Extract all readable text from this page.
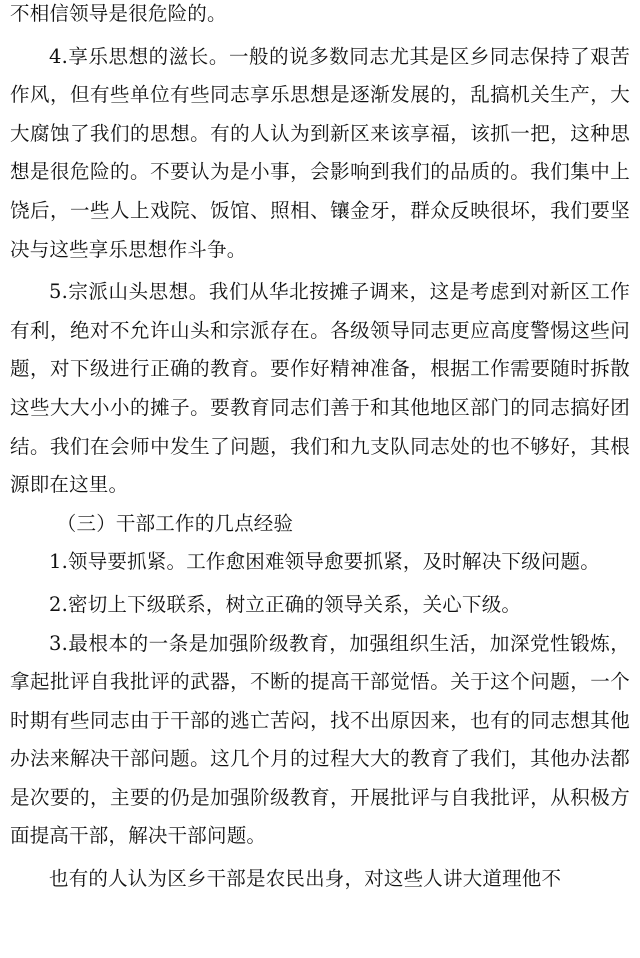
不相信领导是很危险的。

4.享乐思想的滋长。一般的说多数同志尤其是区乡同志保持了艰苦作风，但有些单位有些同志享乐思想是逐渐发展的，乱搞机关生产，大大腐蚀了我们的思想。有的人认为到新区来该享福，该抓一把，这种思想是很危险的。不要认为是小事，会影响到我们的品质的。我们集中上饶后，一些人上戏院、饭馆、照相、镶金牙，群众反映很坏，我们要坚决与这些享乐思想作斗争。

5.宗派山头思想。我们从华北按摊子调来，这是考虑到对新区工作有利，绝对不允许山头和宗派存在。各级领导同志更应高度警惕这些问题，对下级进行正确的教育。要作好精神准备，根据工作需要随时拆散这些大大小小的摊子。要教育同志们善于和其他地区部门的同志搞好团结。我们在会师中发生了问题，我们和九支队同志处的也不够好，其根源即在这里。

（三）干部工作的几点经验

1.领导要抓紧。工作愈困难领导愈要抓紧，及时解决下级问题。

2.密切上下级联系，树立正确的领导关系，关心下级。

3.最根本的一条是加强阶级教育，加强组织生活，加深党性锻炼，拿起批评自我批评的武器，不断的提高干部觉悟。关于这个问题，一个时期有些同志由于干部的逃亡苦闷，找不出原因来，也有的同志想其他办法来解决干部问题。这几个月的过程大大的教育了我们，其他办法都是次要的，主要的仍是加强阶级教育，开展批评与自我批评，从积极方面提高干部，解决干部问题。

也有的人认为区乡干部是农民出身，对这些人讲大道理他不
